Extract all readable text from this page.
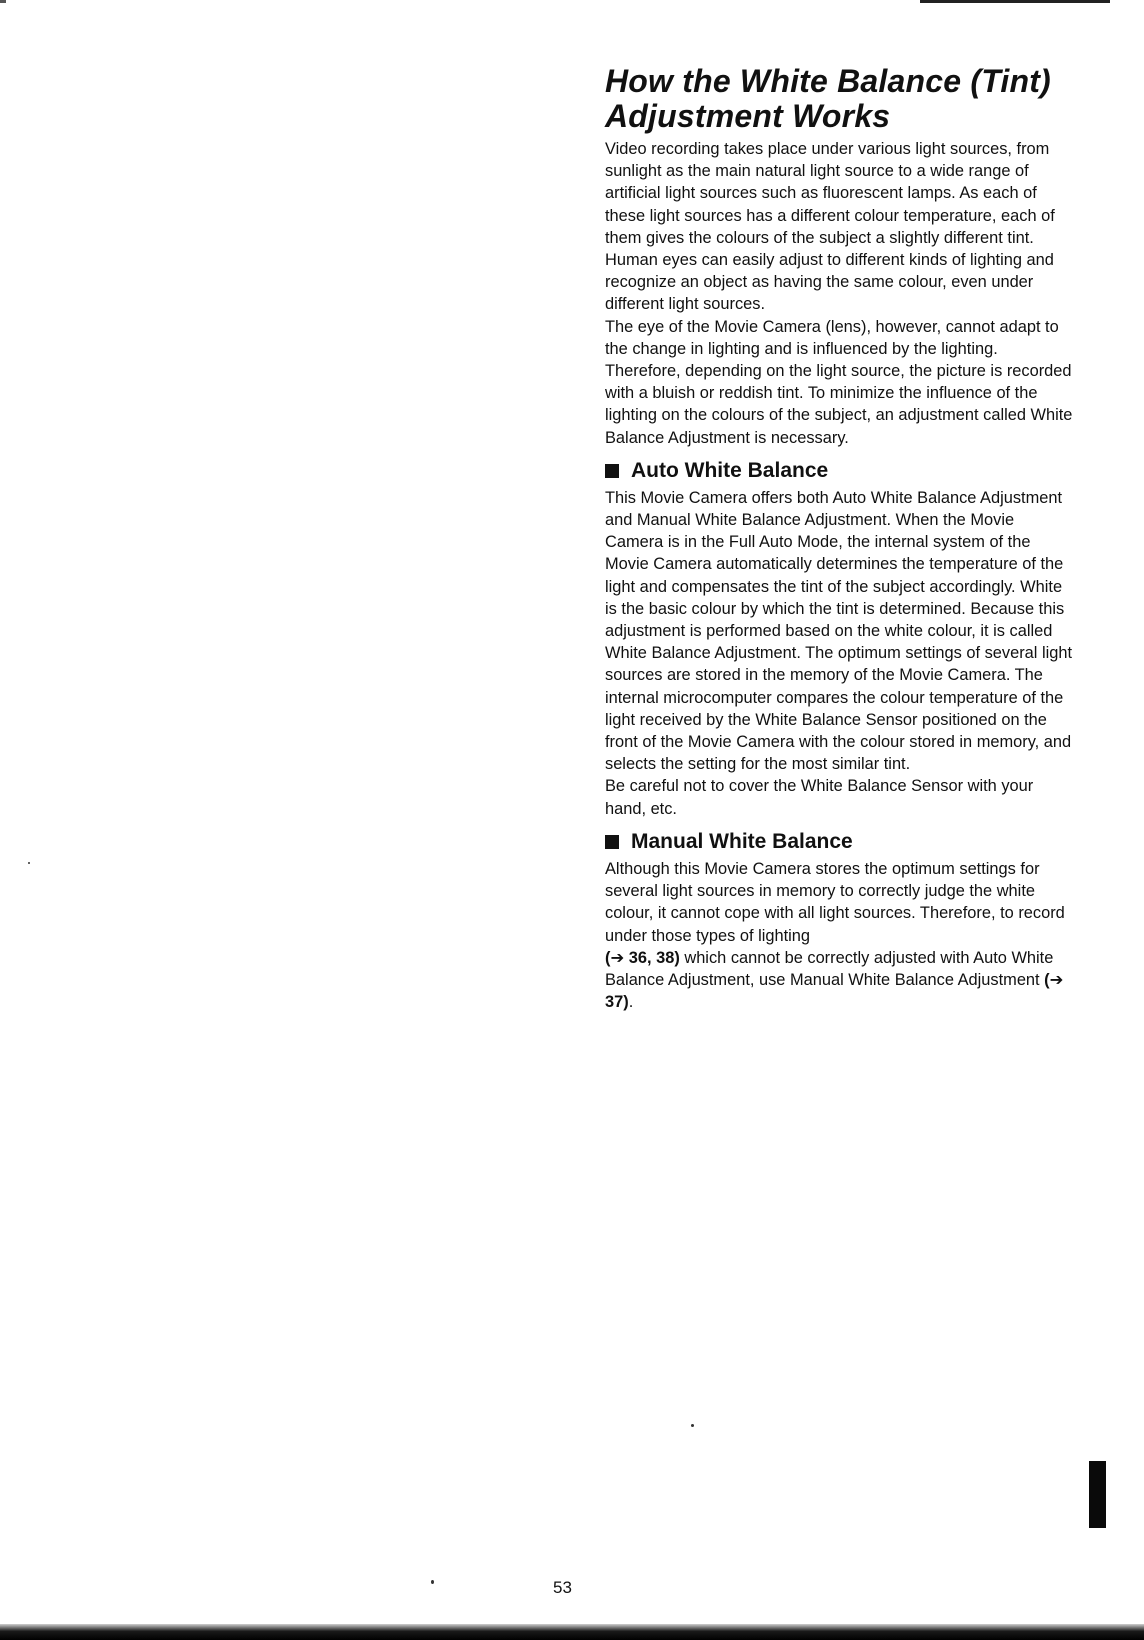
How the White Balance (Tint) Adjustment Works

Video recording takes place under various light sources, from sunlight as the main natural light source to a wide range of artificial light sources such as fluorescent lamps. As each of these light sources has a different colour temperature, each of them gives the colours of the subject a slightly different tint.

Human eyes can easily adjust to different kinds of lighting and recognize an object as having the same colour, even under different light sources.

The eye of the Movie Camera (lens), however, cannot adapt to the change in lighting and is influenced by the lighting. Therefore, depending on the light source, the picture is recorded with a bluish or reddish tint. To minimize the influence of the lighting on the colours of the subject, an adjustment called White Balance Adjustment is necessary.

Auto White Balance

This Movie Camera offers both Auto White Balance Adjustment and Manual White Balance Adjustment. When the Movie Camera is in the Full Auto Mode, the internal system of the Movie Camera automatically determines the temperature of the light and compensates the tint of the subject accordingly. White is the basic colour by which the tint is determined. Because this adjustment is performed based on the white colour, it is called White Balance Adjustment. The optimum settings of several light sources are stored in the memory of the Movie Camera. The internal microcomputer compares the colour temperature of the light received by the White Balance Sensor positioned on the front of the Movie Camera with the colour stored in memory, and selects the setting for the most similar tint.

Be careful not to cover the White Balance Sensor with your hand, etc.

Manual White Balance

Although this Movie Camera stores the optimum settings for several light sources in memory to correctly judge the white colour, it cannot cope with all light sources. Therefore, to record under those types of lighting

(➔ 36, 38) which cannot be correctly adjusted with Auto White Balance Adjustment, use Manual White Balance Adjustment (➔ 37).

53
